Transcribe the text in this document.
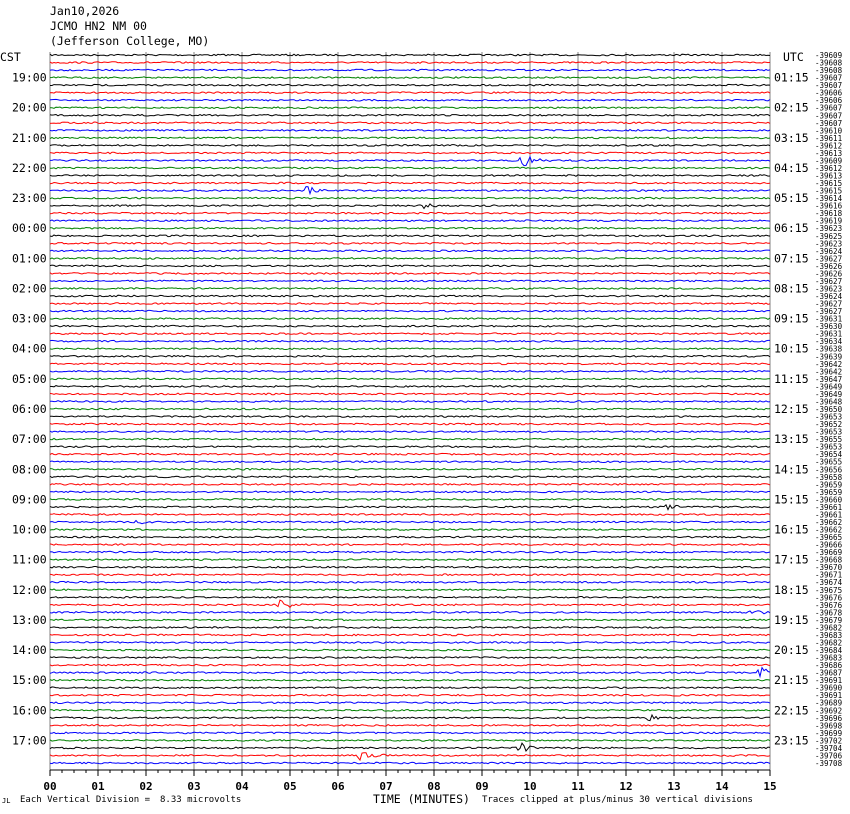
Jan10,2026
JCMO HN2 NM 00
(Jefferson College, MO)
CST	UTC -39609
-39608
-39608
-39607
-39607
-39606
-39606
-39607
-39607
-39607
-39610
-39611
-39612
-39613
-39609
-39612
-39613
-39615
-39615
-39614
-39616
-39618
-39619
-39623
-39625
-39623
-39624
-39627
-39626
-39626
-39627
-39623
-39624
-39627
-39627
-39631
-39630
-39631
-39634
-39638
-39639
-39642
-39642
-39647
-39649
-39649
-39648
-39650
-39653
-39652
-39653
-39655
-39653
-39654
-39655
-39656
-39658
-39659
-39659
-39660
-39661
-39661
-39662
-39662
-39665
-39666
-39669
-39668
-39670
-39671
-39674
-39675
-39676
-39676
-39678
-39679
-39682
-39683
-39682
-39684
-39683
-39686
-39687
-39691
-39690
-39691
-39689
-39692
-39696
-39698
-39699
-39702
-39704
-39706
-39708
19:00	01:15
20:00	02:15
21:00	03:15
22:00	04:15
23:00	05:15
00:00	06:15
01:00	07:15
02:00	08:15
03:00	09:15
04:00	10:15
05:00	11:15
06:00	12:15
07:00	13:15
08:00	14:15
09:00	15:15
10:00	16:15
11:00	17:15
12:00	18:15
13:00	19:15
14:00	20:15
15:00	21:15
16:00	22:15
17:00	23:15
00	01	02	03	04	05	06	07	08	09	10	11	12	13	14	15
JL Each Vertical Division = 8.33 microvolts	TIME (MINUTES) Traces clipped at plus/minus 30 vertical divisions
